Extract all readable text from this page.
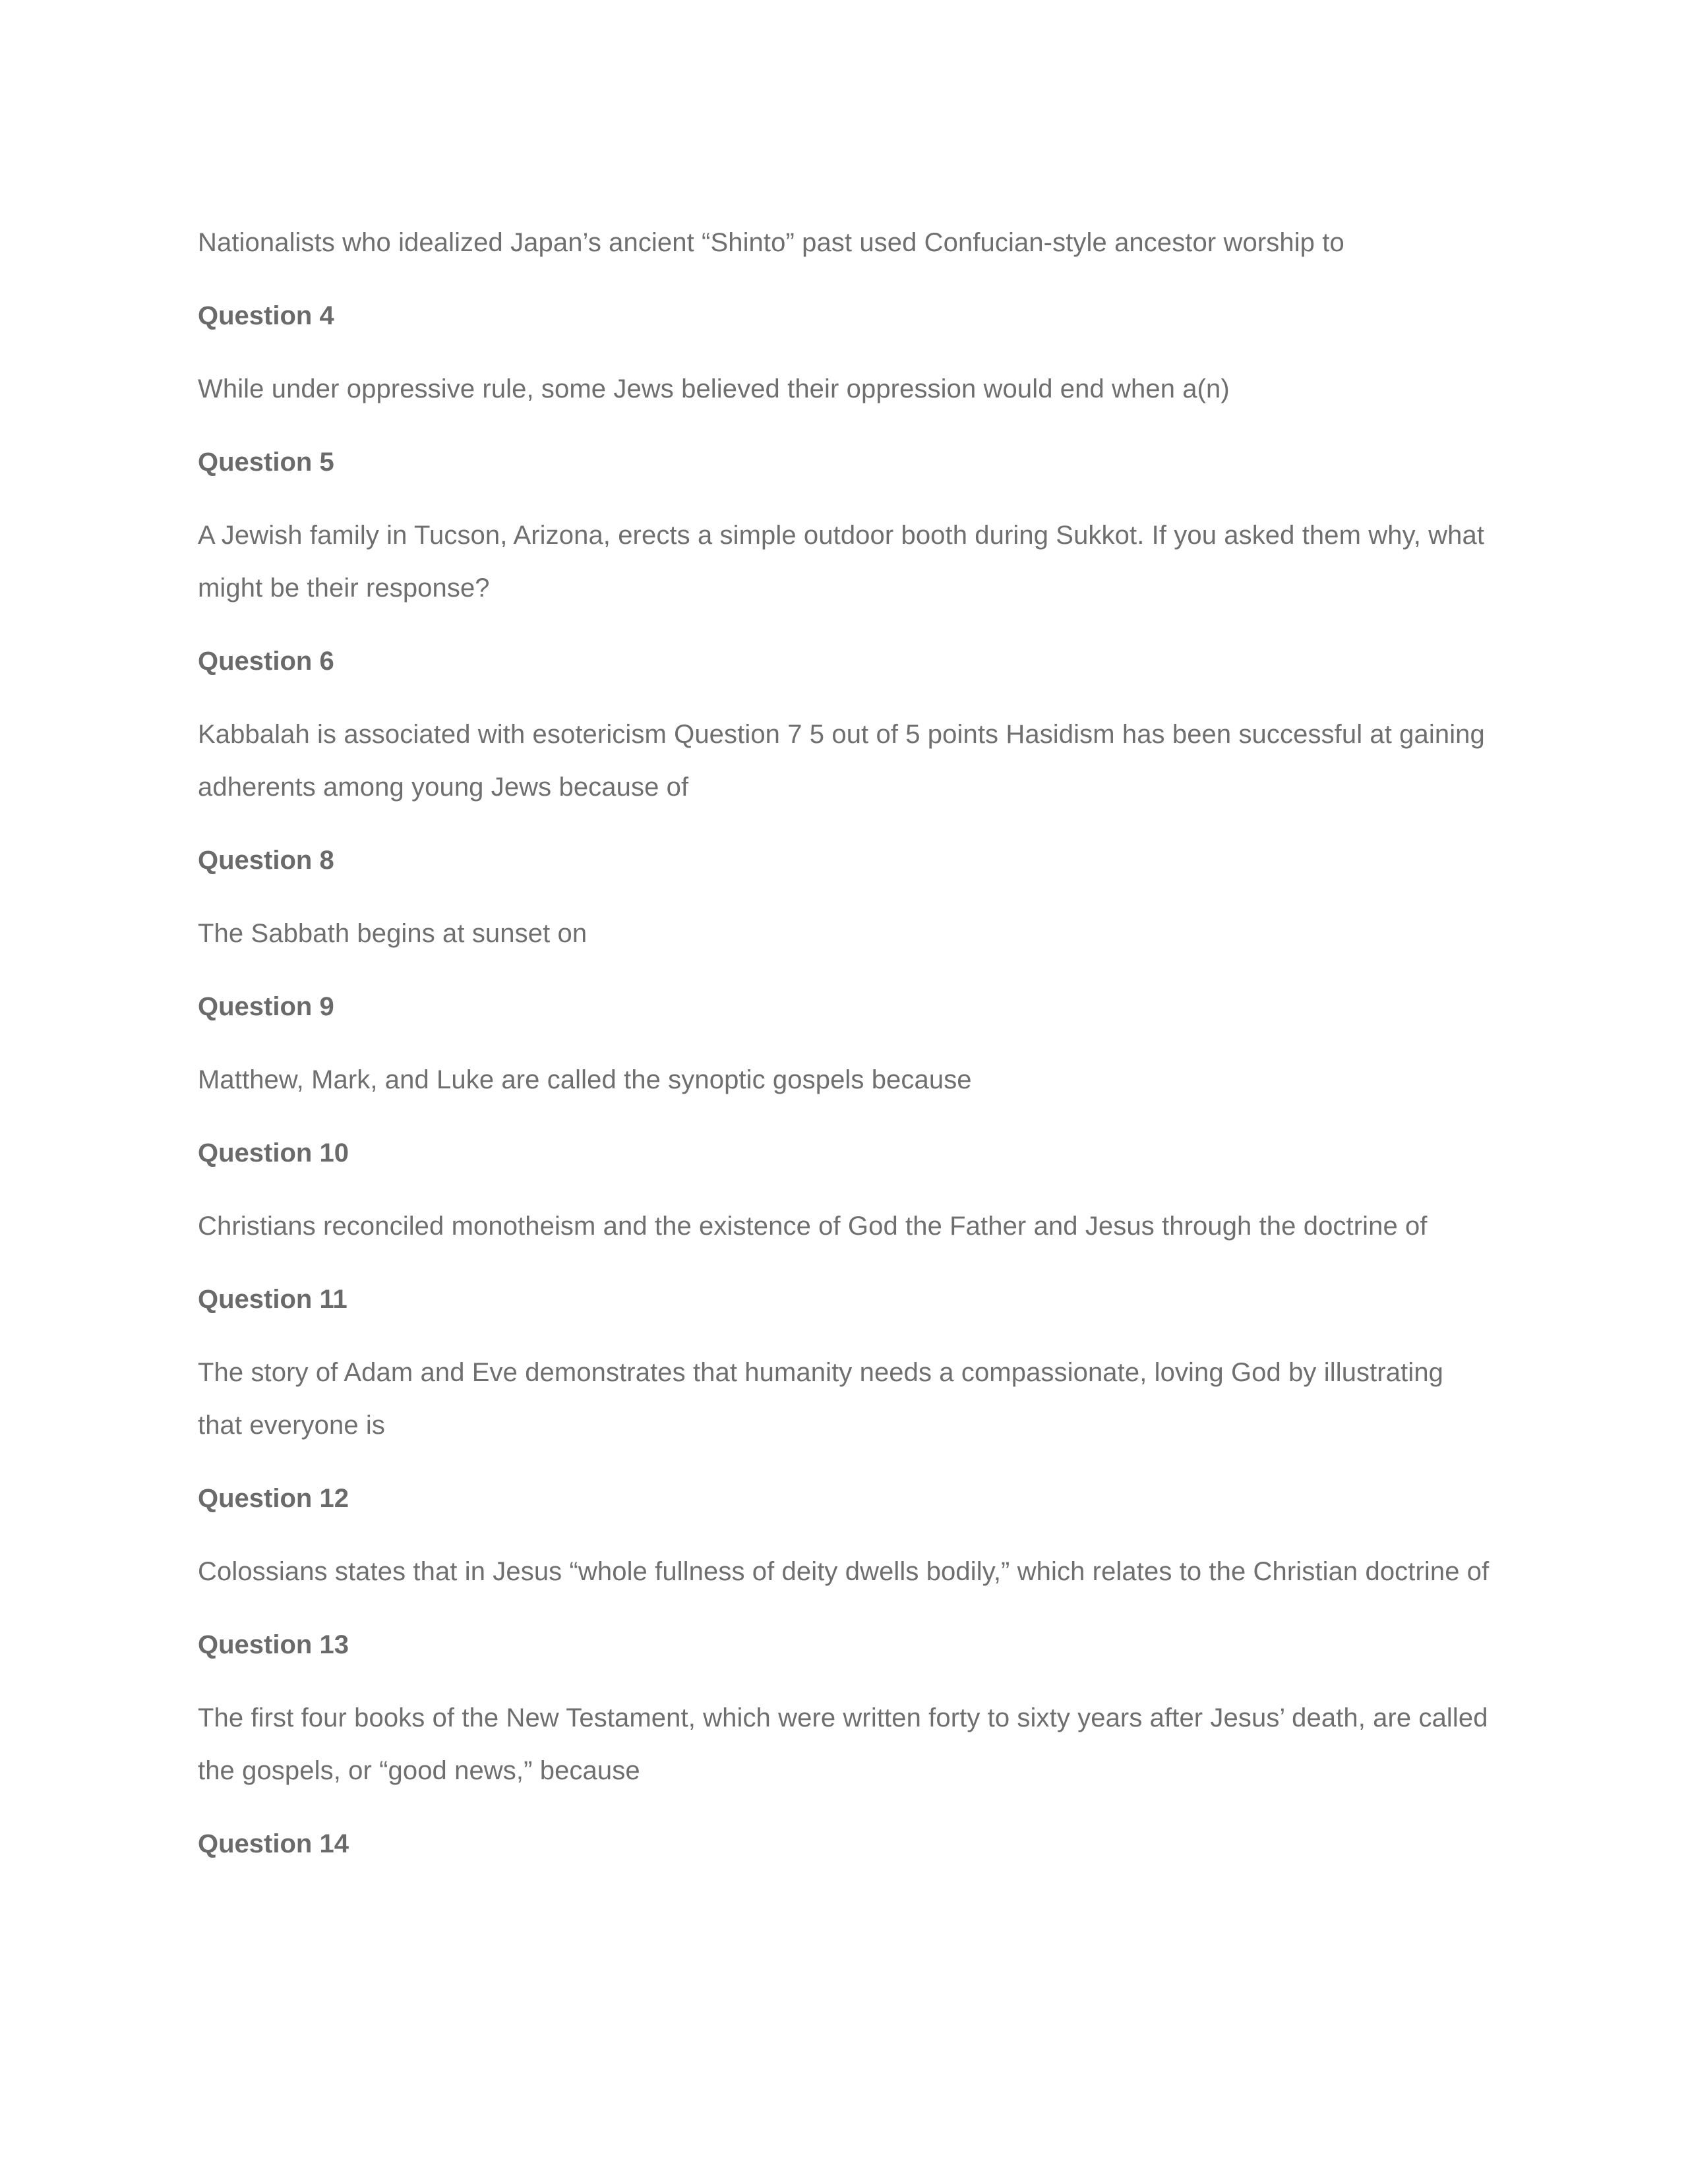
Nationalists who idealized Japan’s ancient “Shinto” past used Confucian-style ancestor worship to

Question 4

While under oppressive rule, some Jews believed their oppression would end when a(n)

Question 5

A Jewish family in Tucson, Arizona, erects a simple outdoor booth during Sukkot. If you asked them why, what might be their response?

Question 6

Kabbalah is associated with esotericism Question 7 5 out of 5 points Hasidism has been successful at gaining adherents among young Jews because of

Question 8

The Sabbath begins at sunset on

Question 9

Matthew, Mark, and Luke are called the synoptic gospels because

Question 10

Christians reconciled monotheism and the existence of God the Father and Jesus through the doctrine of

Question 11

The story of Adam and Eve demonstrates that humanity needs a compassionate, loving God by illustrating that everyone is

Question 12

Colossians states that in Jesus “whole fullness of deity dwells bodily,” which relates to the Christian doctrine of

Question 13

The first four books of the New Testament, which were written forty to sixty years after Jesus’ death, are called the gospels, or “good news,” because

Question 14
